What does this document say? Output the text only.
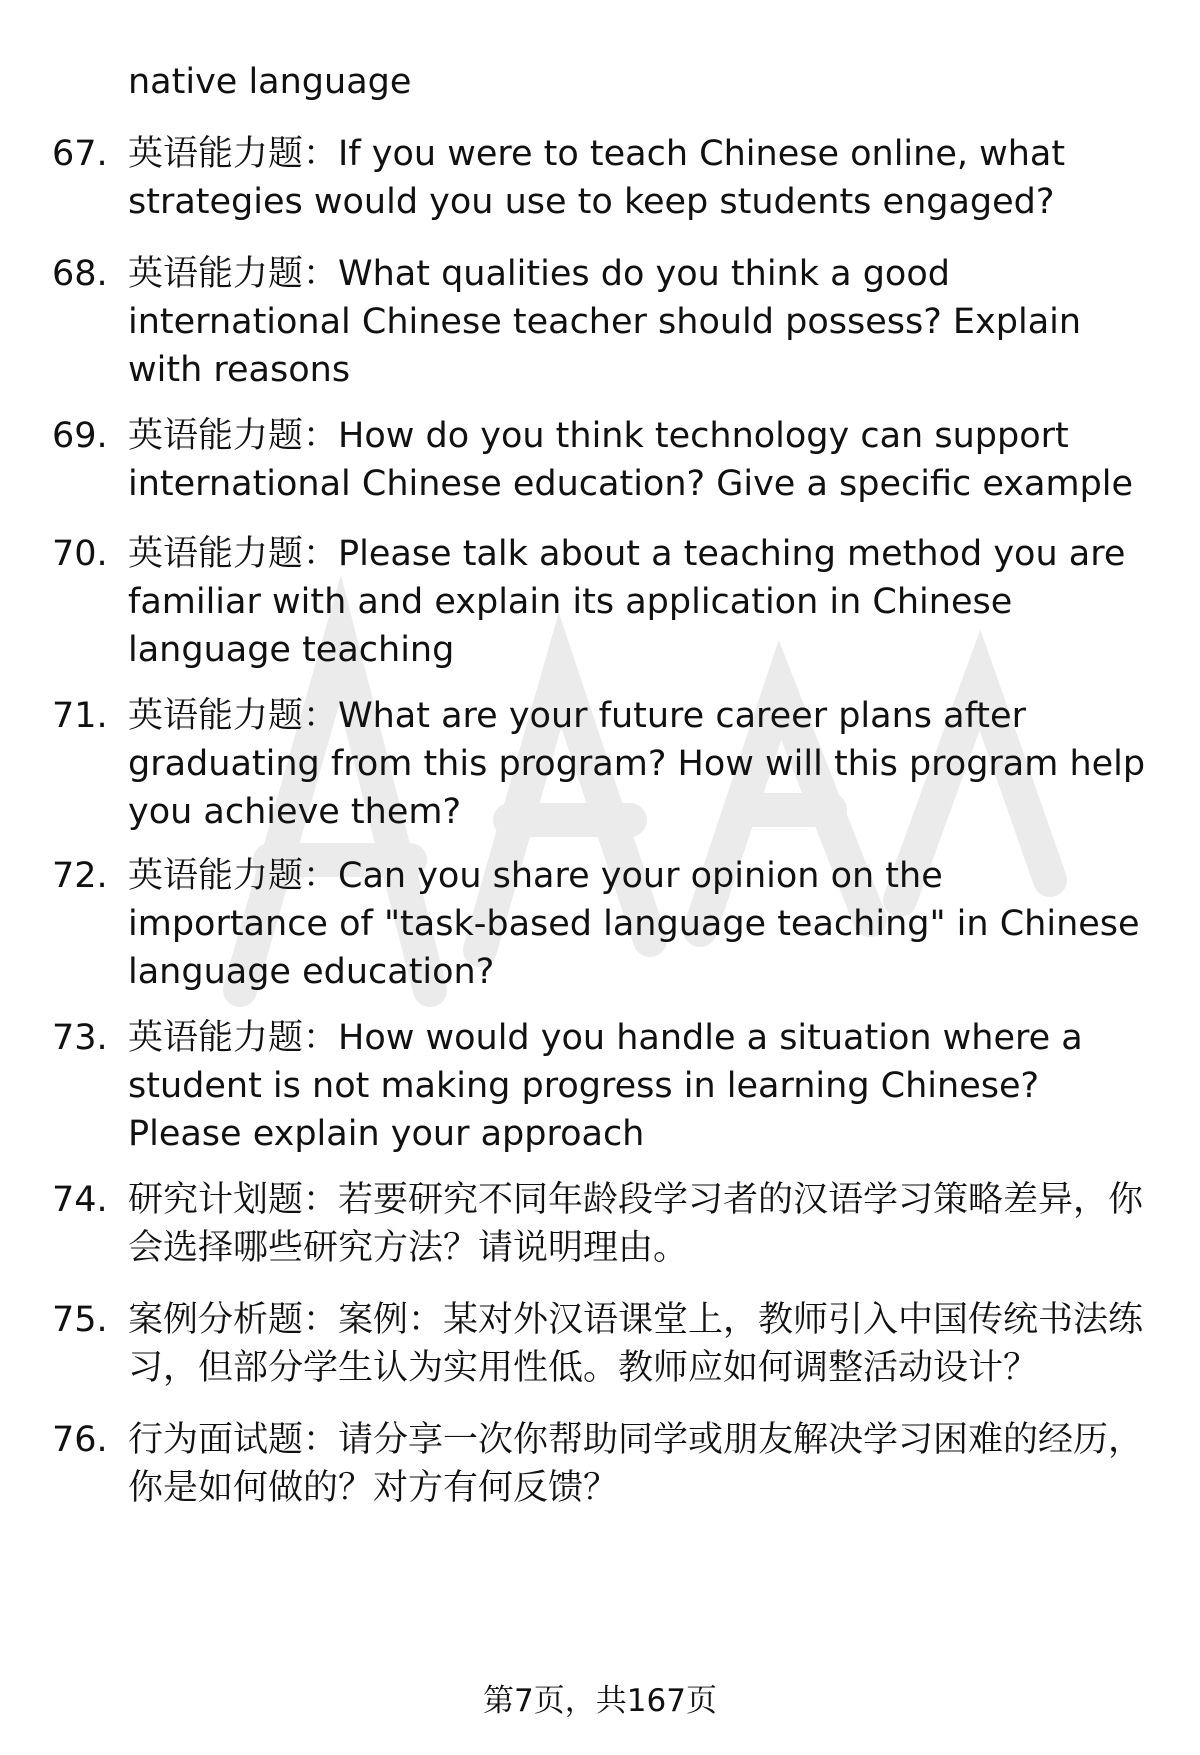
native language
67. 英语能力题：If you were to teach Chinese online, what strategies would you use to keep students engaged?
68. 英语能力题：What qualities do you think a good international Chinese teacher should possess? Explain with reasons
69. 英语能力题：How do you think technology can support international Chinese education? Give a specific example
70. 英语能力题：Please talk about a teaching method you are familiar with and explain its application in Chinese language teaching
71. 英语能力题：What are your future career plans after graduating from this program? How will this program help you achieve them?
72. 英语能力题：Can you share your opinion on the importance of "task-based language teaching" in Chinese language education?
73. 英语能力题：How would you handle a situation where a student is not making progress in learning Chinese? Please explain your approach
74. 研究计划题：若要研究不同年龄段学习者的汉语学习策略差异，你会选择哪些研究方法？请说明理由。
75. 案例分析题：案例：某对外汉语课堂上，教师引入中国传统书法练习，但部分学生认为实用性低。教师应如何调整活动设计？
76. 行为面试题：请分享一次你帮助同学或朋友解决学习困难的经历，你是如何做的？对方有何反馈？
第7页，共167页
